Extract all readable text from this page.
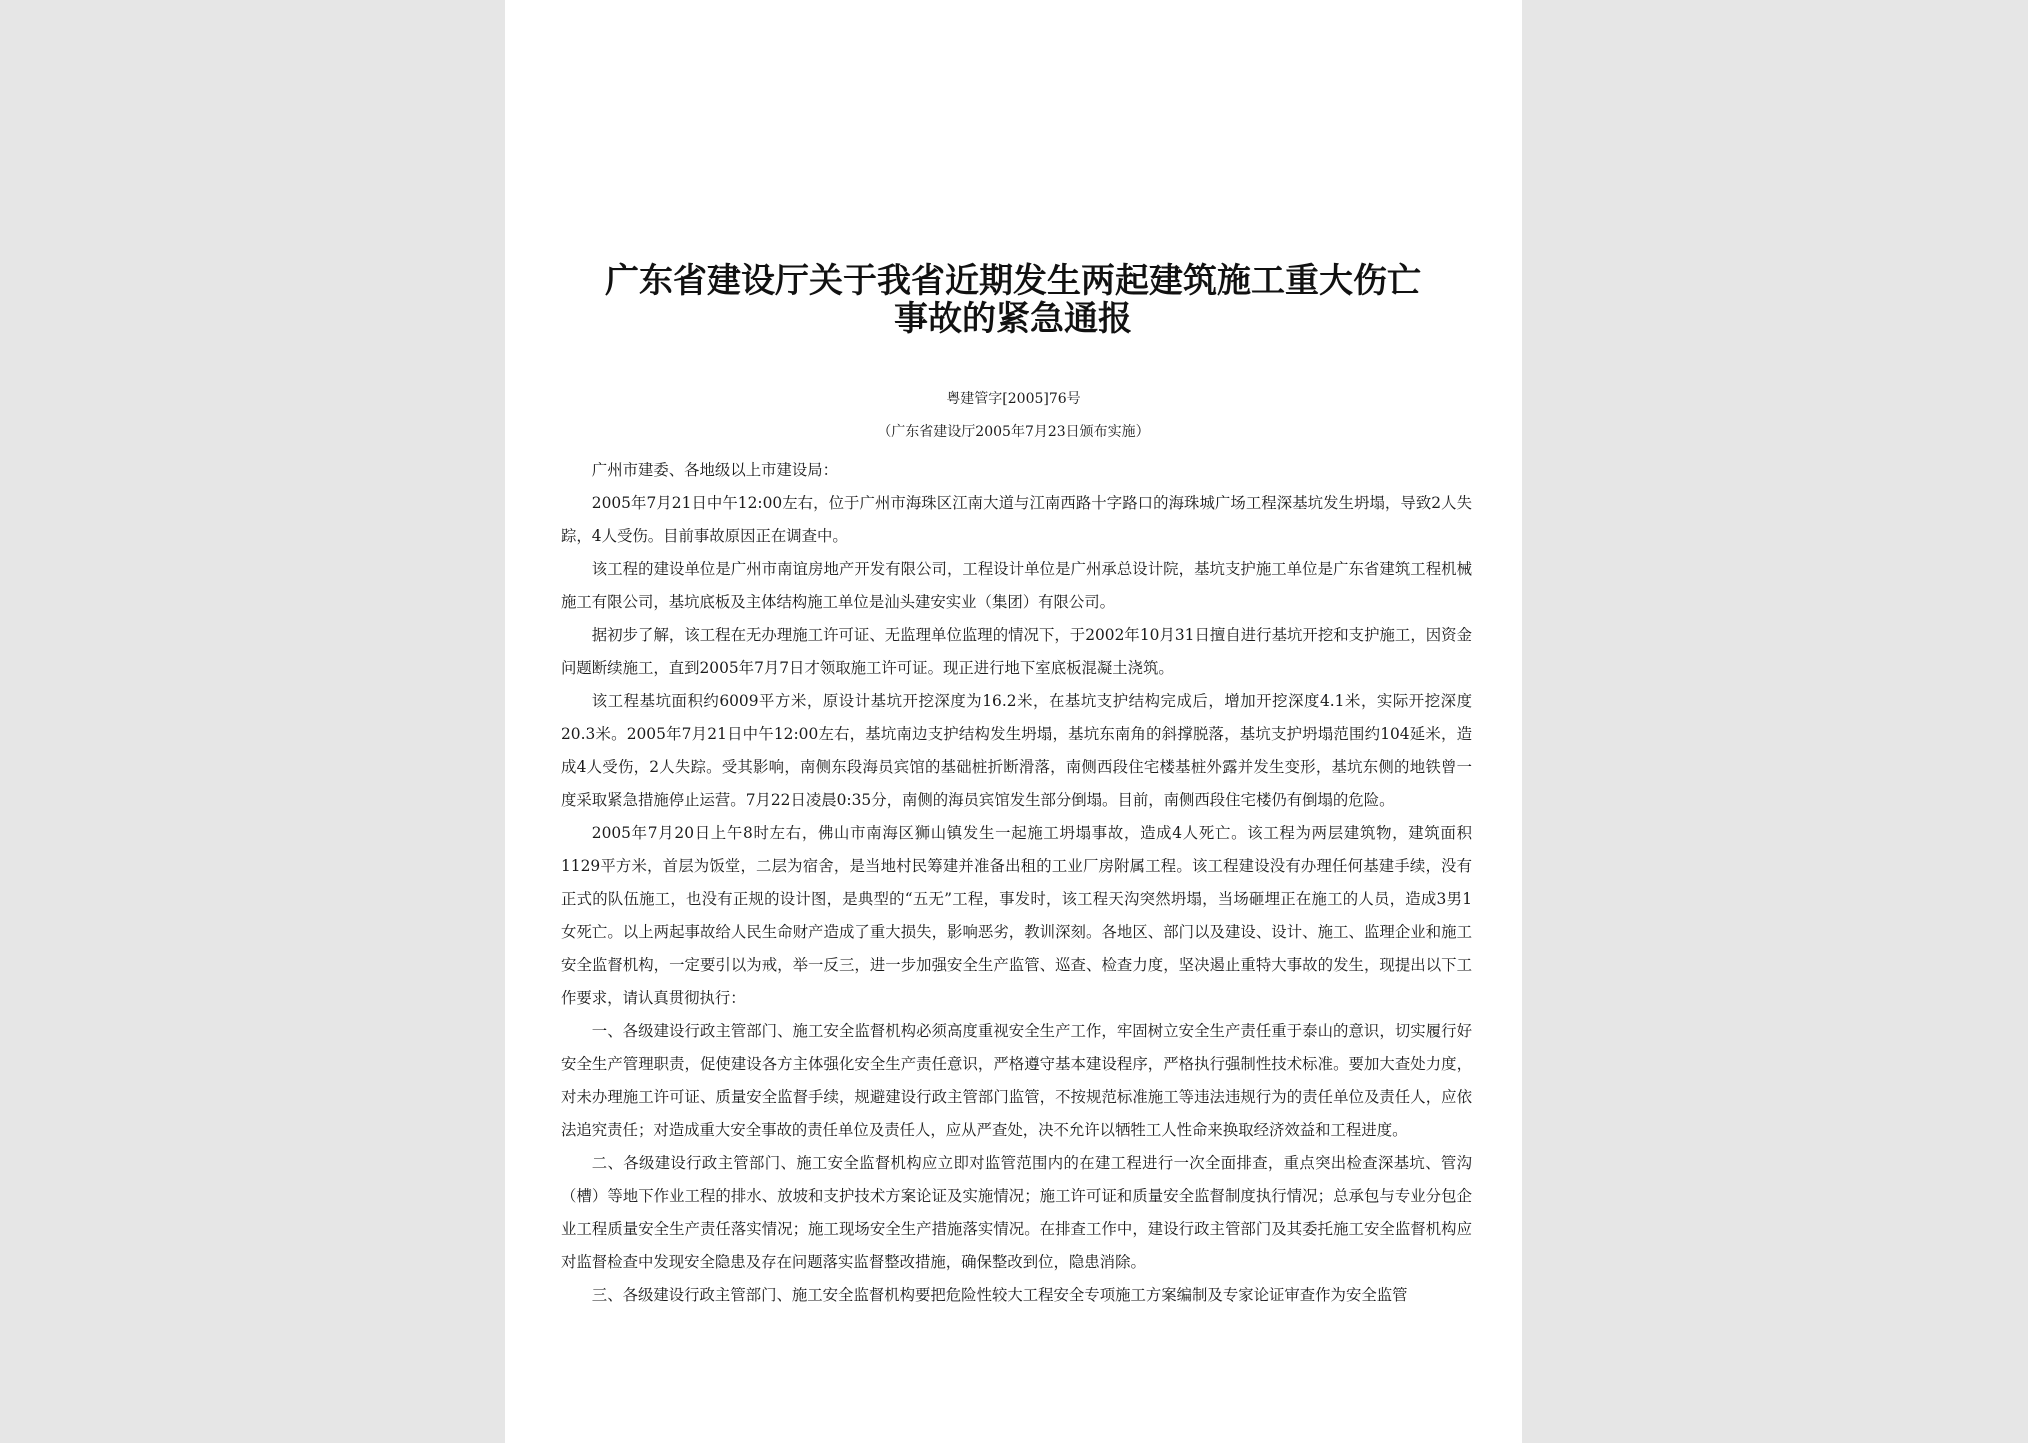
广东省建设厅关于我省近期发生两起建筑施工重大伤亡事故的紧急通报
粤建管字[2005]76号
（广东省建设厅2005年7月23日颁布实施）

广州市建委、各地级以上市建设局：

2005年7月21日中午12:00左右，位于广州市海珠区江南大道与江南西路十字路口的海珠城广场工程深基坑发生坍塌，导致2人失踪，4人受伤。目前事故原因正在调查中。

该工程的建设单位是广州市南谊房地产开发有限公司，工程设计单位是广州承总设计院，基坑支护施工单位是广东省建筑工程机械施工有限公司，基坑底板及主体结构施工单位是汕头建安实业（集团）有限公司。

据初步了解，该工程在无办理施工许可证、无监理单位监理的情况下，于2002年10月31日擅自进行基坑开挖和支护施工，因资金问题断续施工，直到2005年7月7日才领取施工许可证。现正进行地下室底板混凝土浇筑。

该工程基坑面积约6009平方米，原设计基坑开挖深度为16.2米，在基坑支护结构完成后，增加开挖深度4.1米，实际开挖深度20.3米。2005年7月21日中午12:00左右，基坑南边支护结构发生坍塌，基坑东南角的斜撑脱落，基坑支护坍塌范围约104延米，造成4人受伤，2人失踪。受其影响，南侧东段海员宾馆的基础桩折断滑落，南侧西段住宅楼基桩外露并发生变形，基坑东侧的地铁曾一度采取紧急措施停止运营。7月22日凌晨0:35分，南侧的海员宾馆发生部分倒塌。目前，南侧西段住宅楼仍有倒塌的危险。

2005年7月20日上午8时左右，佛山市南海区狮山镇发生一起施工坍塌事故，造成4人死亡。该工程为两层建筑物，建筑面积1129平方米，首层为饭堂，二层为宿舍，是当地村民筹建并准备出租的工业厂房附属工程。该工程建设没有办理任何基建手续，没有正式的队伍施工，也没有正规的设计图，是典型的“五无”工程，事发时，该工程天沟突然坍塌，当场砸埋正在施工的人员，造成3男1女死亡。以上两起事故给人民生命财产造成了重大损失，影响恶劣，教训深刻。各地区、部门以及建设、设计、施工、监理企业和施工安全监督机构，一定要引以为戒，举一反三，进一步加强安全生产监管、巡查、检查力度，坚决遏止重特大事故的发生，现提出以下工作要求，请认真贯彻执行：

一、各级建设行政主管部门、施工安全监督机构必须高度重视安全生产工作，牢固树立安全生产责任重于泰山的意识，切实履行好安全生产管理职责，促使建设各方主体强化安全生产责任意识，严格遵守基本建设程序，严格执行强制性技术标准。要加大查处力度，对未办理施工许可证、质量安全监督手续，规避建设行政主管部门监管，不按规范标准施工等违法违规行为的责任单位及责任人，应依法追究责任；对造成重大安全事故的责任单位及责任人，应从严查处，决不允许以牺牲工人性命来换取经济效益和工程进度。

二、各级建设行政主管部门、施工安全监督机构应立即对监管范围内的在建工程进行一次全面排查，重点突出检查深基坑、管沟（槽）等地下作业工程的排水、放坡和支护技术方案论证及实施情况；施工许可证和质量安全监督制度执行情况；总承包与专业分包企业工程质量安全生产责任落实情况；施工现场安全生产措施落实情况。在排查工作中，建设行政主管部门及其委托施工安全监督机构应对监督检查中发现安全隐患及存在问题落实监督整改措施，确保整改到位，隐患消除。

三、各级建设行政主管部门、施工安全监督机构要把危险性较大工程安全专项施工方案编制及专家论证审查作为安全监管
